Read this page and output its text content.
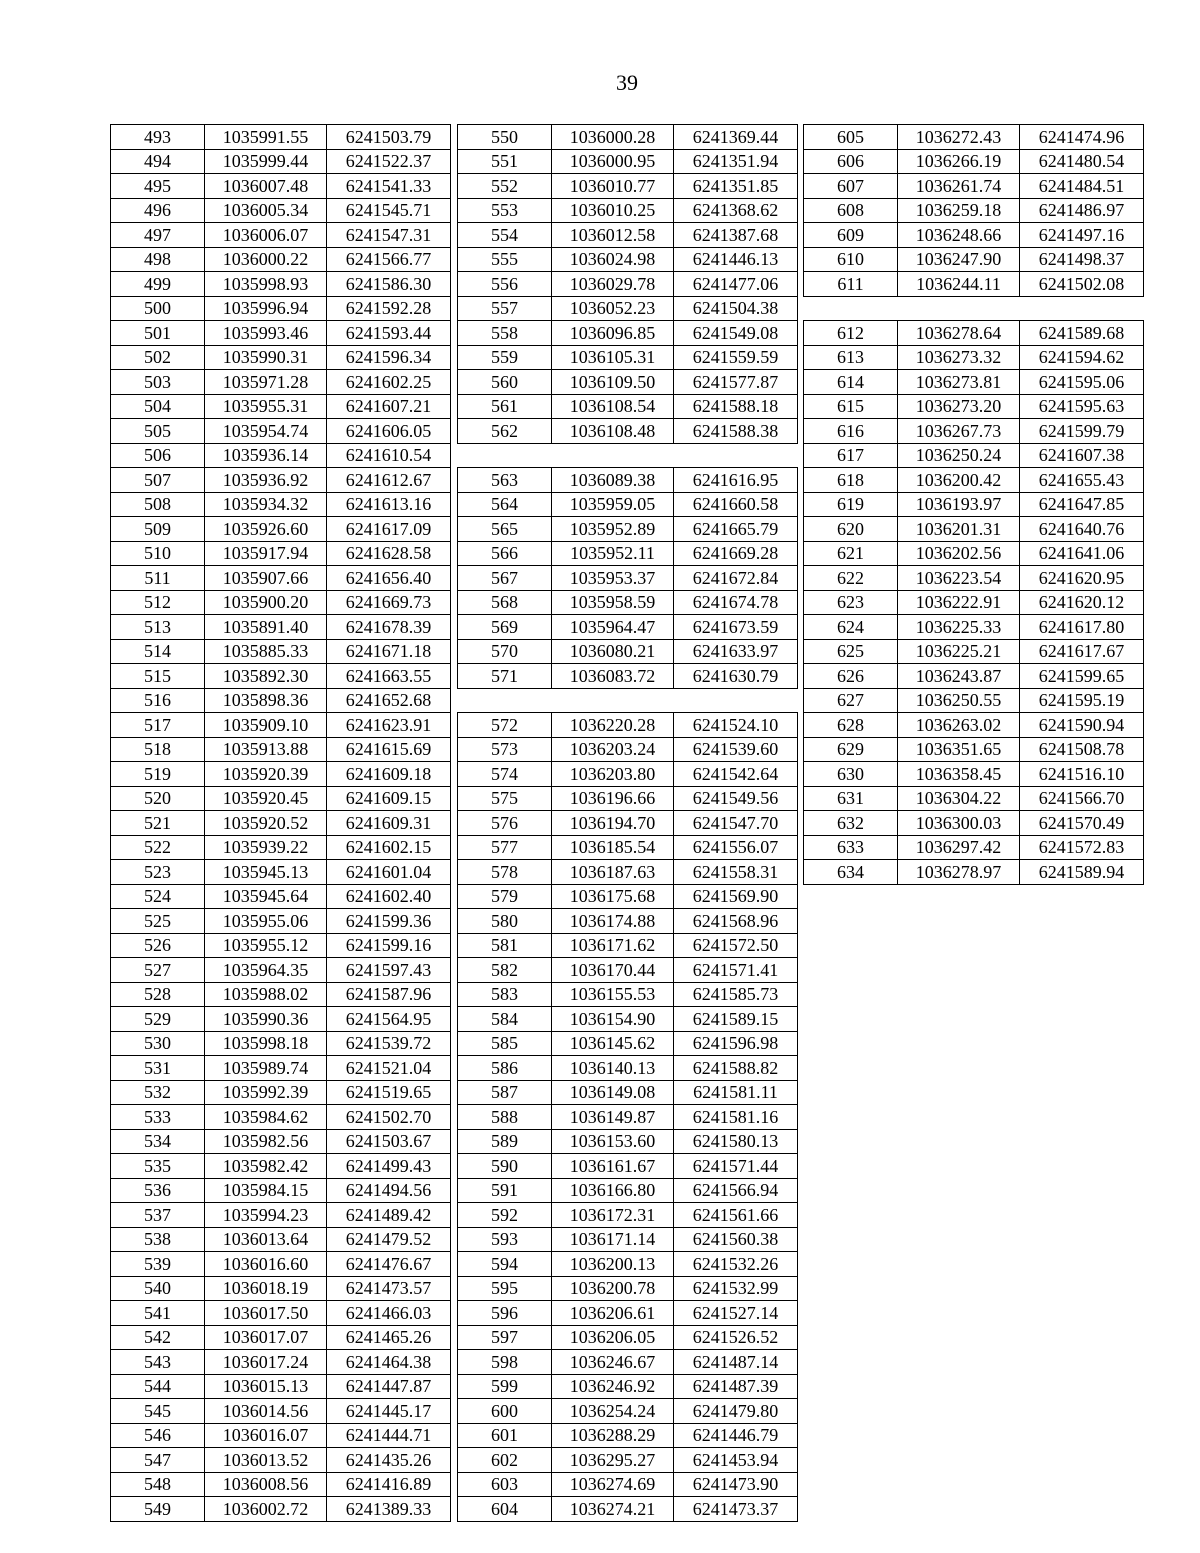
39
493	1035991.55	6241503.79
494	1035999.44	6241522.37
495	1036007.48	6241541.33
496	1036005.34	6241545.71
497	1036006.07	6241547.31
498	1036000.22	6241566.77
499	1035998.93	6241586.30
500	1035996.94	6241592.28
501	1035993.46	6241593.44
502	1035990.31	6241596.34
503	1035971.28	6241602.25
504	1035955.31	6241607.21
505	1035954.74	6241606.05
506	1035936.14	6241610.54
507	1035936.92	6241612.67
508	1035934.32	6241613.16
509	1035926.60	6241617.09
510	1035917.94	6241628.58
511	1035907.66	6241656.40
512	1035900.20	6241669.73
513	1035891.40	6241678.39
514	1035885.33	6241671.18
515	1035892.30	6241663.55
516	1035898.36	6241652.68
517	1035909.10	6241623.91
518	1035913.88	6241615.69
519	1035920.39	6241609.18
520	1035920.45	6241609.15
521	1035920.52	6241609.31
522	1035939.22	6241602.15
523	1035945.13	6241601.04
524	1035945.64	6241602.40
525	1035955.06	6241599.36
526	1035955.12	6241599.16
527	1035964.35	6241597.43
528	1035988.02	6241587.96
529	1035990.36	6241564.95
530	1035998.18	6241539.72
531	1035989.74	6241521.04
532	1035992.39	6241519.65
533	1035984.62	6241502.70
534	1035982.56	6241503.67
535	1035982.42	6241499.43
536	1035984.15	6241494.56
537	1035994.23	6241489.42
538	1036013.64	6241479.52
539	1036016.60	6241476.67
540	1036018.19	6241473.57
541	1036017.50	6241466.03
542	1036017.07	6241465.26
543	1036017.24	6241464.38
544	1036015.13	6241447.87
545	1036014.56	6241445.17
546	1036016.07	6241444.71
547	1036013.52	6241435.26
548	1036008.56	6241416.89
549	1036002.72	6241389.33
550	1036000.28	6241369.44
551	1036000.95	6241351.94
552	1036010.77	6241351.85
553	1036010.25	6241368.62
554	1036012.58	6241387.68
555	1036024.98	6241446.13
556	1036029.78	6241477.06
557	1036052.23	6241504.38
558	1036096.85	6241549.08
559	1036105.31	6241559.59
560	1036109.50	6241577.87
561	1036108.54	6241588.18
562	1036108.48	6241588.38

563	1036089.38	6241616.95
564	1035959.05	6241660.58
565	1035952.89	6241665.79
566	1035952.11	6241669.28
567	1035953.37	6241672.84
568	1035958.59	6241674.78
569	1035964.47	6241673.59
570	1036080.21	6241633.97
571	1036083.72	6241630.79

572	1036220.28	6241524.10
573	1036203.24	6241539.60
574	1036203.80	6241542.64
575	1036196.66	6241549.56
576	1036194.70	6241547.70
577	1036185.54	6241556.07
578	1036187.63	6241558.31
579	1036175.68	6241569.90
580	1036174.88	6241568.96
581	1036171.62	6241572.50
582	1036170.44	6241571.41
583	1036155.53	6241585.73
584	1036154.90	6241589.15
585	1036145.62	6241596.98
586	1036140.13	6241588.82
587	1036149.08	6241581.11
588	1036149.87	6241581.16
589	1036153.60	6241580.13
590	1036161.67	6241571.44
591	1036166.80	6241566.94
592	1036172.31	6241561.66
593	1036171.14	6241560.38
594	1036200.13	6241532.26
595	1036200.78	6241532.99
596	1036206.61	6241527.14
597	1036206.05	6241526.52
598	1036246.67	6241487.14
599	1036246.92	6241487.39
600	1036254.24	6241479.80
601	1036288.29	6241446.79
602	1036295.27	6241453.94
603	1036274.69	6241473.90
604	1036274.21	6241473.37
605	1036272.43	6241474.96
606	1036266.19	6241480.54
607	1036261.74	6241484.51
608	1036259.18	6241486.97
609	1036248.66	6241497.16
610	1036247.90	6241498.37
611	1036244.11	6241502.08

612	1036278.64	6241589.68
613	1036273.32	6241594.62
614	1036273.81	6241595.06
615	1036273.20	6241595.63
616	1036267.73	6241599.79
617	1036250.24	6241607.38
618	1036200.42	6241655.43
619	1036193.97	6241647.85
620	1036201.31	6241640.76
621	1036202.56	6241641.06
622	1036223.54	6241620.95
623	1036222.91	6241620.12
624	1036225.33	6241617.80
625	1036225.21	6241617.67
626	1036243.87	6241599.65
627	1036250.55	6241595.19
628	1036263.02	6241590.94
629	1036351.65	6241508.78
630	1036358.45	6241516.10
631	1036304.22	6241566.70
632	1036300.03	6241570.49
633	1036297.42	6241572.83
634	1036278.97	6241589.94
